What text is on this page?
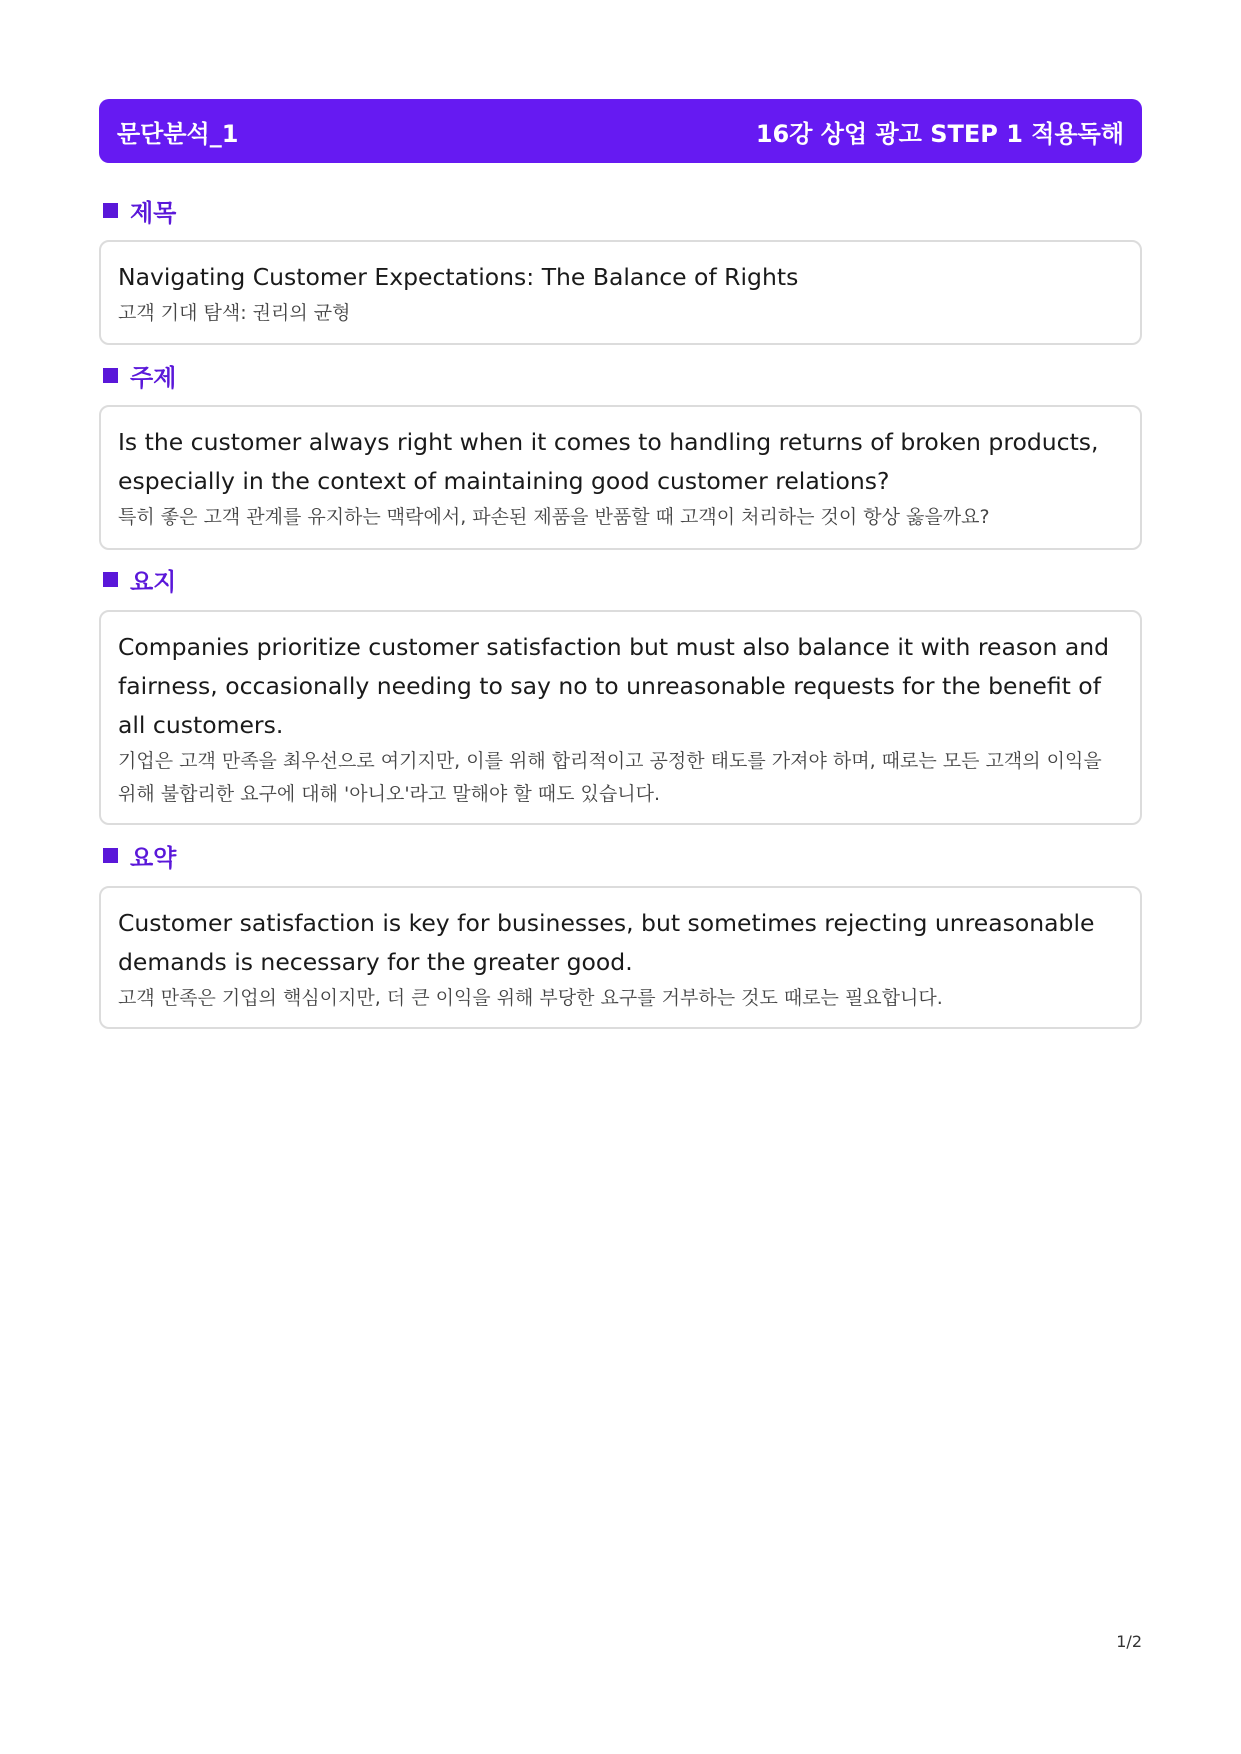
문단분석_1	16강 상업 광고 STEP 1 적용독해
제목

Navigating Customer Expectations: The Balance of Rights

고객 기대 탐색: 권리의 균형

주제

Is the customer always right when it comes to handling returns of broken products, especially in the context of maintaining good customer relations?

특히 좋은 고객 관계를 유지하는 맥락에서, 파손된 제품을 반품할 때 고객이 처리하는 것이 항상 옳을까요?

요지

Companies prioritize customer satisfaction but must also balance it with reason and fairness, occasionally needing to say no to unreasonable requests for the benefit of all customers.

기업은 고객 만족을 최우선으로 여기지만, 이를 위해 합리적이고 공정한 태도를 가져야 하며, 때로는 모든 고객의 이익을 위해 불합리한 요구에 대해 '아니오'라고 말해야 할 때도 있습니다.

요약

Customer satisfaction is key for businesses, but sometimes rejecting unreasonable demands is necessary for the greater good.

고객 만족은 기업의 핵심이지만, 더 큰 이익을 위해 부당한 요구를 거부하는 것도 때로는 필요합니다.

1/2
